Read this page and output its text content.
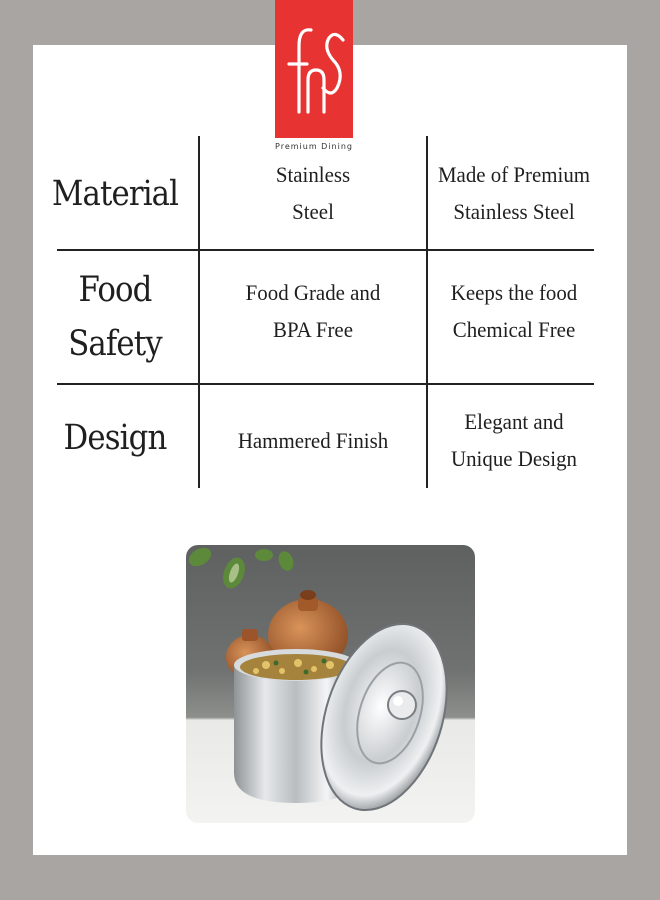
Premium Dining
Material	Stainless
Steel
Made of Premium
Stainless Steel
Food
Safety
Food Grade and
BPA Free
Keeps the food
Chemical Free
Design	Hammered Finish
Elegant and
Unique Design
